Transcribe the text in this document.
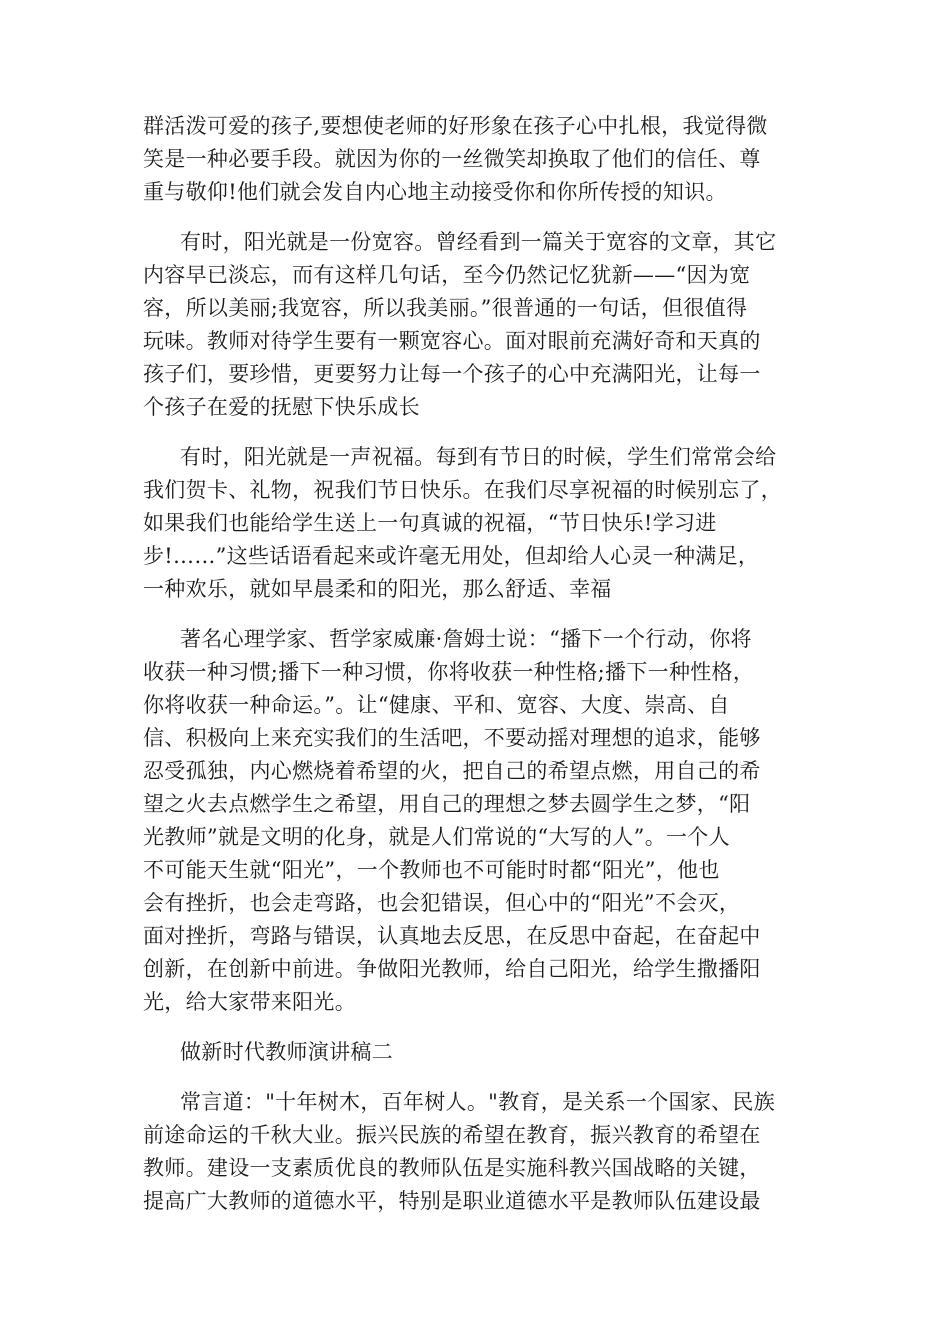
群活泼可爱的孩子,要想使老师的好形象在孩子心中扎根，我觉得微
笑是一种必要手段。就因为你的一丝微笑却换取了他们的信任、尊
重与敬仰!他们就会发自内心地主动接受你和你所传授的知识。
有时，阳光就是一份宽容。曾经看到一篇关于宽容的文章，其它
内容早已淡忘，而有这样几句话，至今仍然记忆犹新——“因为宽
容，所以美丽;我宽容，所以我美丽。”很普通的一句话，但很值得
玩味。教师对待学生要有一颗宽容心。面对眼前充满好奇和天真的
孩子们，要珍惜，更要努力让每一个孩子的心中充满阳光，让每一
个孩子在爱的抚慰下快乐成长
有时，阳光就是一声祝福。每到有节日的时候，学生们常常会给
我们贺卡、礼物，祝我们节日快乐。在我们尽享祝福的时候别忘了，
如果我们也能给学生送上一句真诚的祝福，“节日快乐!学习进
步!……”这些话语看起来或许毫无用处，但却给人心灵一种满足，
一种欢乐，就如早晨柔和的阳光，那么舒适、幸福
著名心理学家、哲学家威廉·詹姆士说：“播下一个行动，你将
收获一种习惯;播下一种习惯，你将收获一种性格;播下一种性格，
你将收获一种命运。”。让“健康、平和、宽容、大度、崇高、自
信、积极向上来充实我们的生活吧，不要动摇对理想的追求，能够
忍受孤独，内心燃烧着希望的火，把自己的希望点燃，用自己的希
望之火去点燃学生之希望，用自己的理想之梦去圆学生之梦，“阳
光教师”就是文明的化身，就是人们常说的“大写的人”。一个人
不可能天生就“阳光”，一个教师也不可能时时都“阳光”，他也
会有挫折，也会走弯路，也会犯错误，但心中的“阳光”不会灭，
面对挫折，弯路与错误，认真地去反思，在反思中奋起，在奋起中
创新，在创新中前进。争做阳光教师，给自己阳光，给学生撒播阳
光，给大家带来阳光。
做新时代教师演讲稿二
常言道："十年树木，百年树人。"教育，是关系一个国家、民族
前途命运的千秋大业。振兴民族的希望在教育，振兴教育的希望在
教师。建设一支素质优良的教师队伍是实施科教兴国战略的关键，
提高广大教师的道德水平，特别是职业道德水平是教师队伍建设最
